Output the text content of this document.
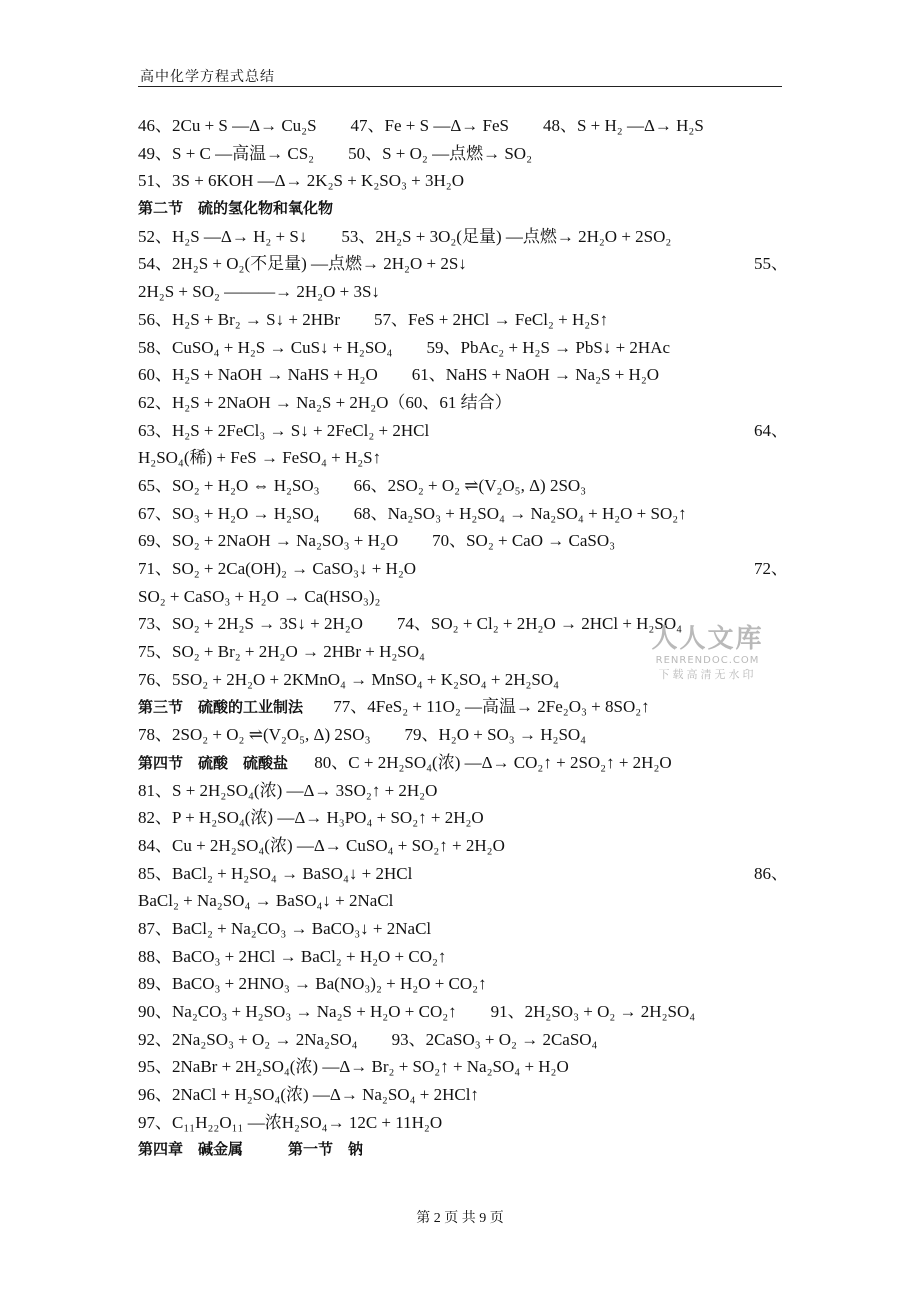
高中化学方程式总结
46、2Cu + S ―Δ→ Cu₂S　　47、Fe + S ―Δ→ FeS　　48、S + H₂ ―Δ→ H₂S
49、S + C ―高温→ CS₂　　50、S + O₂ ―点燃→ SO₂
51、3S + 6KOH ―Δ→ 2K₂S + K₂SO₃ + 3H₂O
第二节　硫的氢化物和氧化物
52、H₂S ―Δ→ H₂ + S↓　　53、2H₂S + 3O₂(足量) ―点燃→ 2H₂O + 2SO₂
54、2H₂S + O₂(不足量) ―点燃→ 2H₂O + 2S↓	55、
2H₂S + SO₂ ―――→ 2H₂O + 3S↓
56、H₂S + Br₂ → S↓ + 2HBr　　57、FeS + 2HCl → FeCl₂ + H₂S↑
58、CuSO₄ + H₂S → CuS↓ + H₂SO₄　　59、PbAc₂ + H₂S → PbS↓ + 2HAc
60、H₂S + NaOH → NaHS + H₂O　　61、NaHS + NaOH → Na₂S + H₂O
62、H₂S + 2NaOH → Na₂S + 2H₂O（60、61 结合）
63、H₂S + 2FeCl₃ → S↓ + 2FeCl₂ + 2HCl	64、
H₂SO₄(稀) + FeS → FeSO₄ + H₂S↑
65、SO₂ + H₂O ⇔ H₂SO₃　　66、2SO₂ + O₂ ⇌(V₂O₅, Δ) 2SO₃
67、SO₃ + H₂O → H₂SO₄　　68、Na₂SO₃ + H₂SO₄ → Na₂SO₄ + H₂O + SO₂↑
69、SO₂ + 2NaOH → Na₂SO₃ + H₂O　　70、SO₂ + CaO → CaSO₃
71、SO₂ + 2Ca(OH)₂ → CaSO₃↓ + H₂O	72、
SO₂ + CaSO₃ + H₂O → Ca(HSO₃)₂
73、SO₂ + 2H₂S → 3S↓ + 2H₂O　　74、SO₂ + Cl₂ + 2H₂O → 2HCl + H₂SO₄
75、SO₂ + Br₂ + 2H₂O → 2HBr + H₂SO₄
76、5SO₂ + 2H₂O + 2KMnO₄ → MnSO₄ + K₂SO₄ + 2H₂SO₄
第三节　硫酸的工业制法 77、4FeS₂ + 11O₂ ―高温→ 2Fe₂O₃ + 8SO₂↑
78、2SO₂ + O₂ ⇌(V₂O₅, Δ) 2SO₃　　79、H₂O + SO₃ → H₂SO₄
第四节　硫酸　硫酸盐 80、C + 2H₂SO₄(浓) ―Δ→ CO₂↑ + 2SO₂↑ + 2H₂O
81、S + 2H₂SO₄(浓) ―Δ→ 3SO₂↑ + 2H₂O
82、P + H₂SO₄(浓) ―Δ→ H₃PO₄ + SO₂↑ + 2H₂O
84、Cu + 2H₂SO₄(浓) ―Δ→ CuSO₄ + SO₂↑ + 2H₂O
85、BaCl₂ + H₂SO₄ → BaSO₄↓ + 2HCl	86、
BaCl₂ + Na₂SO₄ → BaSO₄↓ + 2NaCl
87、BaCl₂ + Na₂CO₃ → BaCO₃↓ + 2NaCl
88、BaCO₃ + 2HCl → BaCl₂ + H₂O + CO₂↑
89、BaCO₃ + 2HNO₃ → Ba(NO₃)₂ + H₂O + CO₂↑
90、Na₂CO₃ + H₂SO₃ → Na₂S + H₂O + CO₂↑　　91、2H₂SO₃ + O₂ → 2H₂SO₄
92、2Na₂SO₃ + O₂ → 2Na₂SO₄　　93、2CaSO₃ + O₂ → 2CaSO₄
95、2NaBr + 2H₂SO₄(浓) ―Δ→ Br₂ + SO₂↑ + Na₂SO₄ + H₂O
96、2NaCl + H₂SO₄(浓) ―Δ→ Na₂SO₄ + 2HCl↑
97、C₁₁H₂₂O₁₁ ―浓H₂SO₄→ 12C + 11H₂O
第四章　碱金属　　　第一节　钠
人人文库
RENRENDOC.COM
下载高清无水印
第 2 页 共 9 页
